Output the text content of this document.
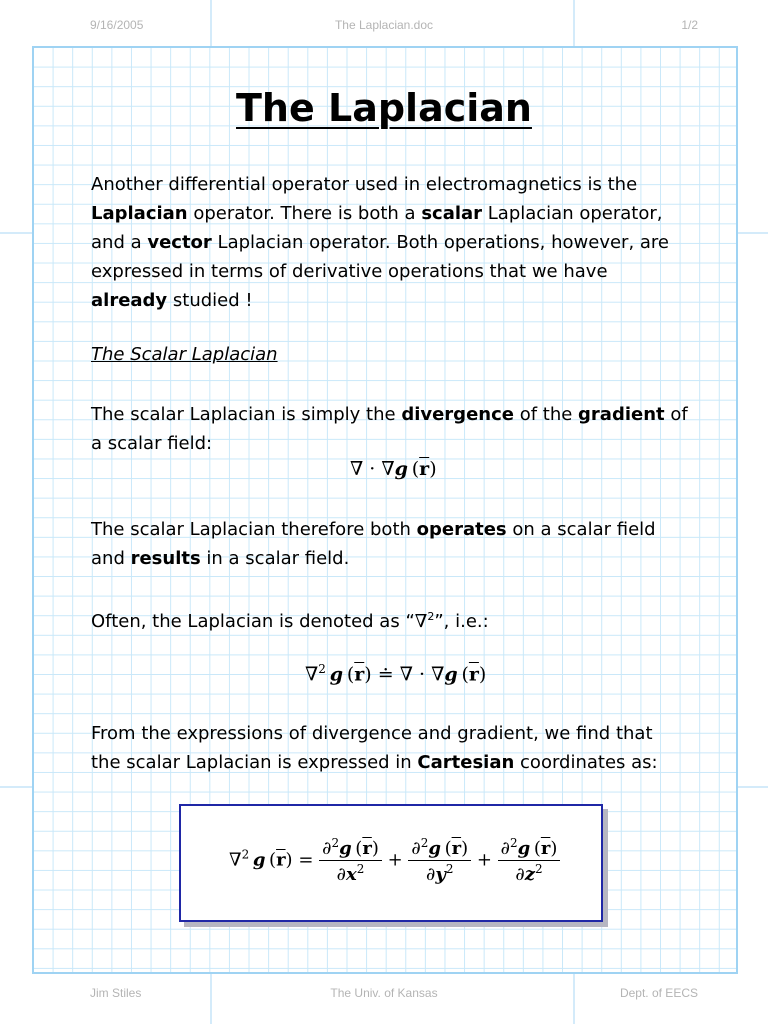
9/16/2005	The Laplacian.doc	1/2
The Laplacian
Another differential operator used in electromagnetics is the
Laplacian operator. There is both a scalar Laplacian operator,
and a vector Laplacian operator. Both operations, however, are
expressed in terms of derivative operations that we have
already studied !
The Scalar Laplacian
The scalar Laplacian is simply the divergence of the gradient of
a scalar field:
∇ · ∇g  $(\overline{r})$
The scalar Laplacian therefore both operates on a scalar field
and results in a scalar field.
Often, the Laplacian is denoted as “∇$^2$”, i.e.:
∇$^2$  g  $(\overline{r})$ ≐ ∇ · ∇g  $(\overline{r})$
From the expressions of divergence and gradient, we find that
the scalar Laplacian is expressed in Cartesian coordinates as:
∇$^2$  g  $(\overline{r}) = \frac{\partial^2g (\overline{r})}{\partial x^2} + \frac{\partial^2g (\overline{r})}{\partial y^2} + \frac{\partial^2g (\overline{r})}{\partial z^2}$
Jim Stiles	The Univ. of Kansas	Dept. of EECS
